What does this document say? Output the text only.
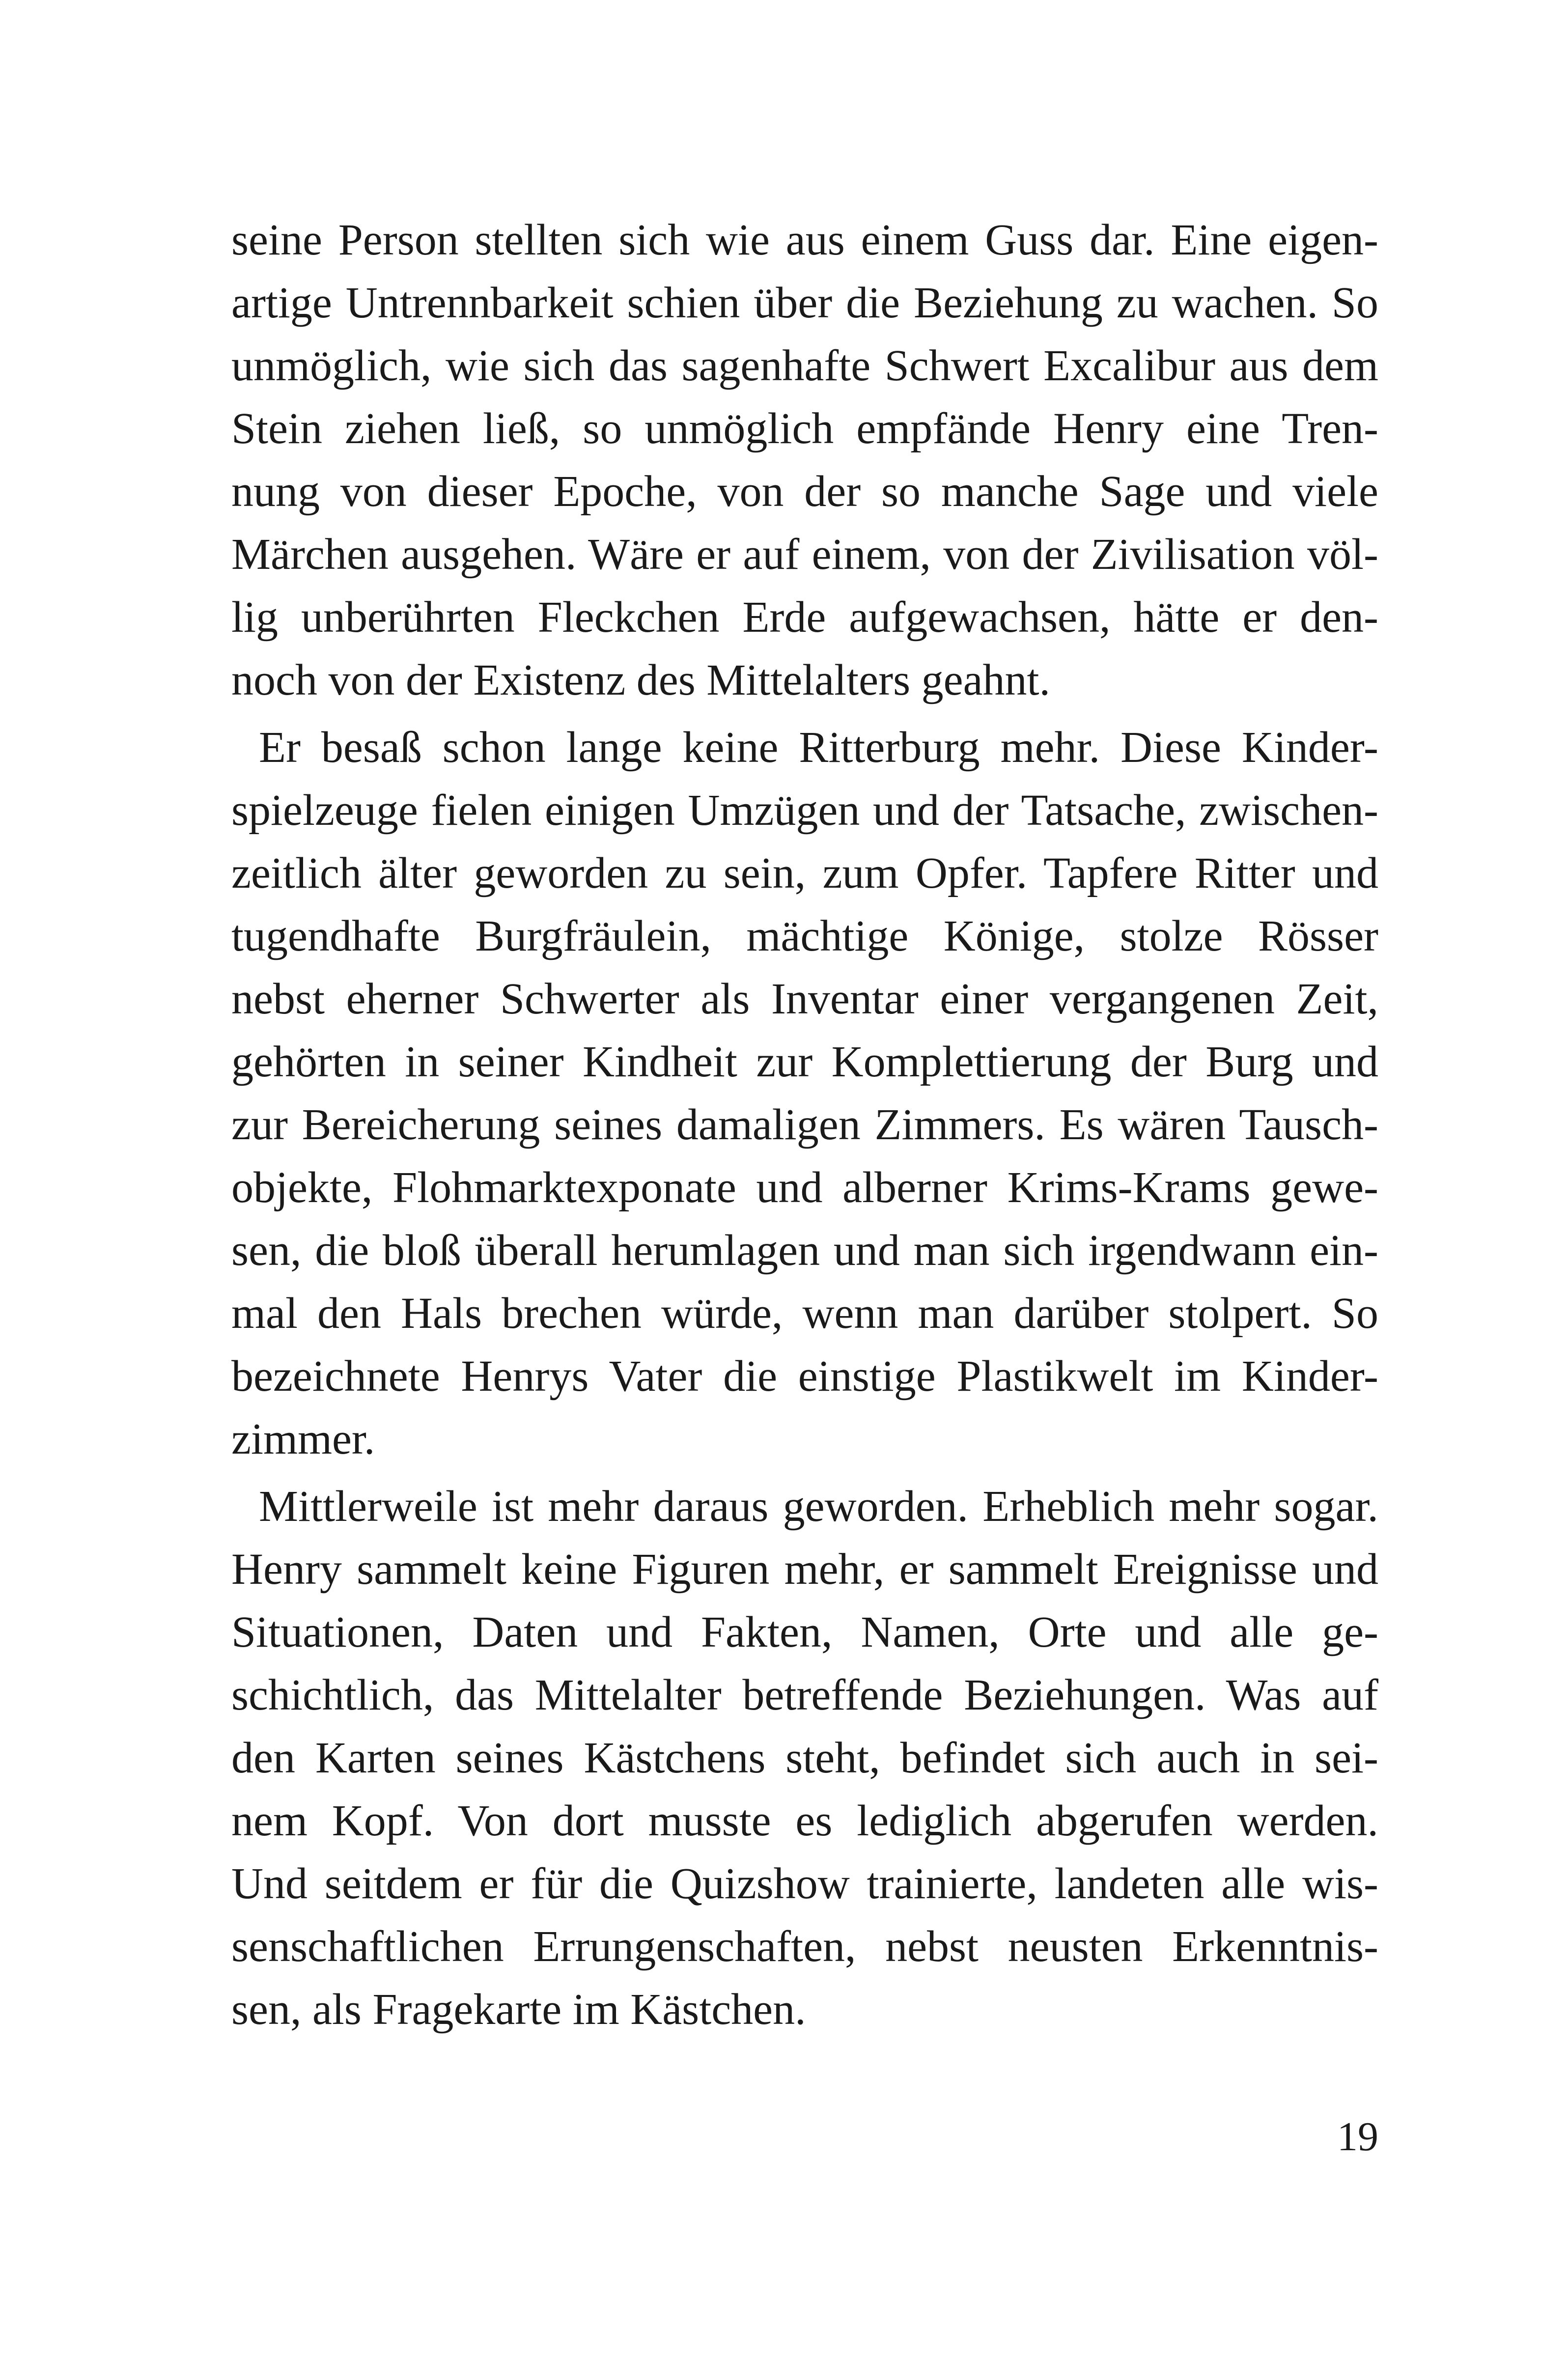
seine Person stellten sich wie aus einem Guss dar. Eine eigen-
artige Untrennbarkeit schien über die Beziehung zu wachen. So
unmöglich, wie sich das sagenhafte Schwert Excalibur aus dem
Stein ziehen ließ, so unmöglich empfände Henry eine Tren-
nung von dieser Epoche, von der so manche Sage und viele
Märchen ausgehen. Wäre er auf einem, von der Zivilisation völ-
lig unberührten Fleckchen Erde aufgewachsen, hätte er den-
noch von der Existenz des Mittelalters geahnt.
Er besaß schon lange keine Ritterburg mehr. Diese Kinder-
spielzeuge fielen einigen Umzügen und der Tatsache, zwischen-
zeitlich älter geworden zu sein, zum Opfer. Tapfere Ritter und
tugendhafte Burgfräulein, mächtige Könige, stolze Rösser
nebst eherner Schwerter als Inventar einer vergangenen Zeit,
gehörten in seiner Kindheit zur Komplettierung der Burg und
zur Bereicherung seines damaligen Zimmers. Es wären Tausch-
objekte, Flohmarktexponate und alberner Krims-Krams gewe-
sen, die bloß überall herumlagen und man sich irgendwann ein-
mal den Hals brechen würde, wenn man darüber stolpert. So
bezeichnete Henrys Vater die einstige Plastikwelt im Kinder-
zimmer.
Mittlerweile ist mehr daraus geworden. Erheblich mehr sogar.
Henry sammelt keine Figuren mehr, er sammelt Ereignisse und
Situationen, Daten und Fakten, Namen, Orte und alle ge-
schichtlich, das Mittelalter betreffende Beziehungen. Was auf
den Karten seines Kästchens steht, befindet sich auch in sei-
nem Kopf. Von dort musste es lediglich abgerufen werden.
Und seitdem er für die Quizshow trainierte, landeten alle wis-
senschaftlichen Errungenschaften, nebst neusten Erkenntnis-
sen, als Fragekarte im Kästchen.
19
